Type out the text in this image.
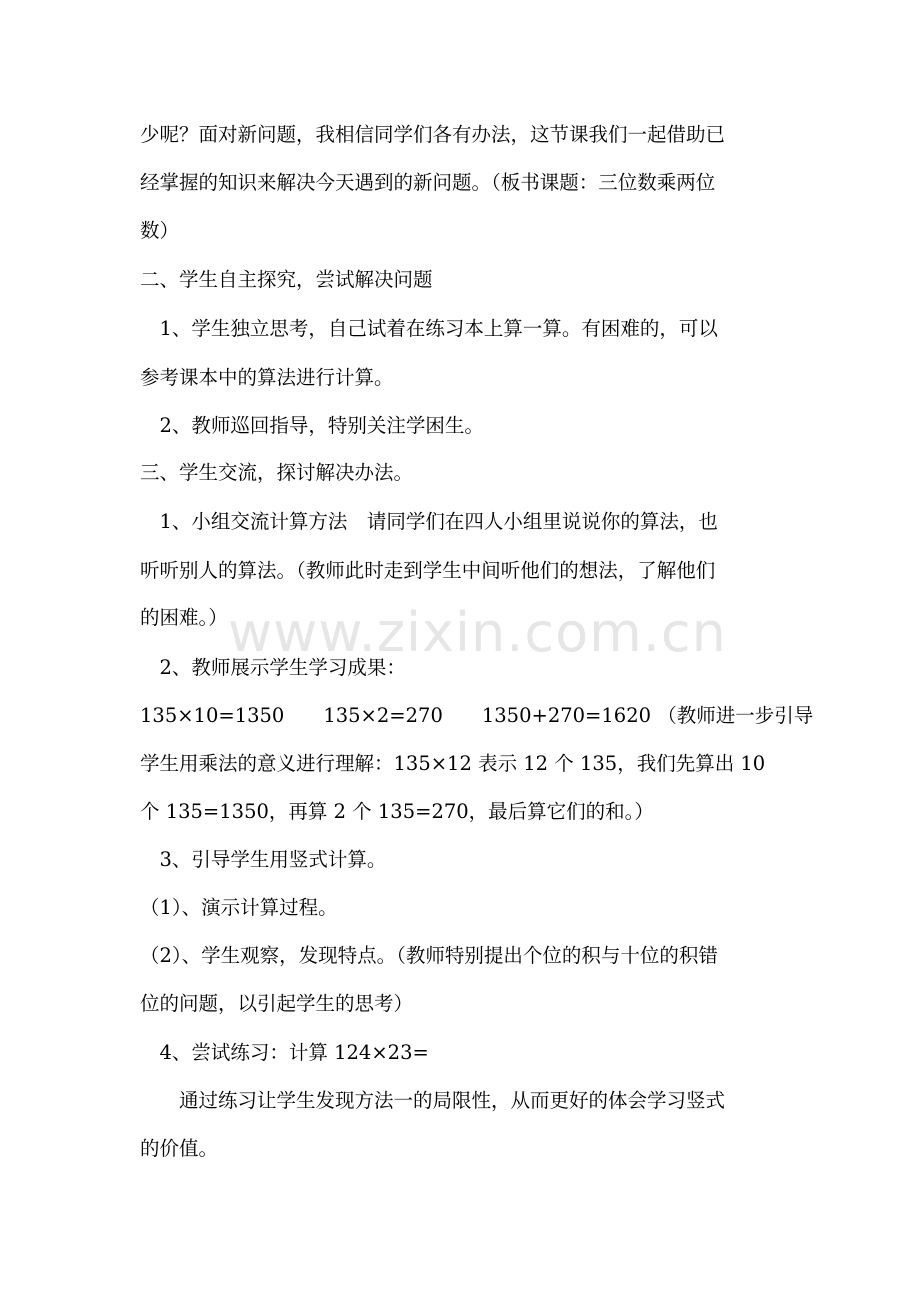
www.zixin.com.cn
少呢？面对新问题，我相信同学们各有办法，这节课我们一起借助已
经掌握的知识来解决今天遇到的新问题。（板书课题：三位数乘两位
数）
二、学生自主探究，尝试解决问题
　1、学生独立思考，自己试着在练习本上算一算。有困难的，可以
参考课本中的算法进行计算。
　2、教师巡回指导，特别关注学困生。
三、学生交流，探讨解决办法。
　1、小组交流计算方法　请同学们在四人小组里说说你的算法，也
听听别人的算法。（教师此时走到学生中间听他们的想法，了解他们
的困难。）
　2、教师展示学生学习成果：
135×10=1350　　135×2=270　　1350+270=1620 （教师进一步引导
学生用乘法的意义进行理解：135×12 表示 12 个 135，我们先算出 10
个 135=1350，再算 2 个 135=270，最后算它们的和。）
　3、引导学生用竖式计算。
（1）、演示计算过程。
（2）、学生观察，发现特点。（教师特别提出个位的积与十位的积错
位的问题，以引起学生的思考）
　4、尝试练习：计算 124×23=
　　通过练习让学生发现方法一的局限性，从而更好的体会学习竖式
的价值。
